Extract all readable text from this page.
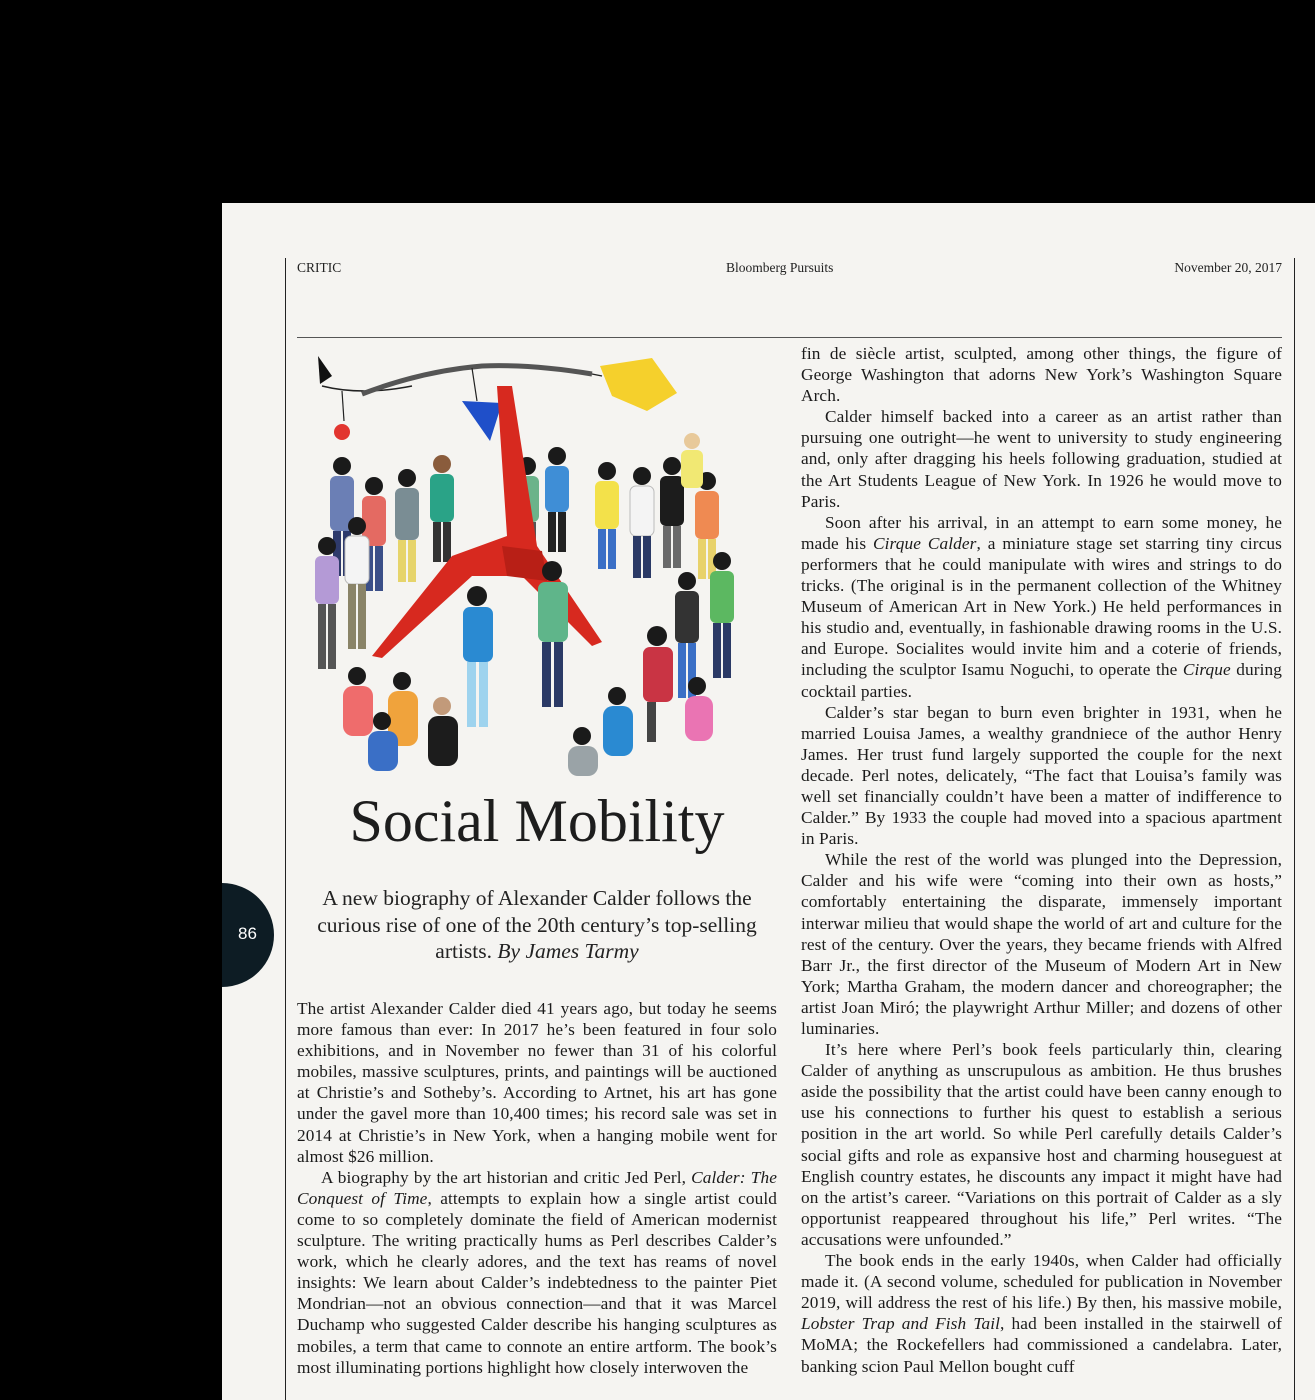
CRITIC	Bloomberg Pursuits	November 20, 2017
86
Social Mobility

A new biography of Alexander Calder follows the curious rise of one of the 20th century’s top-selling artists. By James Tarmy

The artist Alexander Calder died 41 years ago, but today he seems more famous than ever: In 2017 he’s been featured in four solo exhibitions, and in November no fewer than 31 of his colorful mobiles, massive sculptures, prints, and paintings will be auctioned at Christie’s and Sotheby’s. According to Artnet, his art has gone under the gavel more than 10,400 times; his record sale was set in 2014 at Christie’s in New York, when a hanging mobile went for almost $26 million.

A biography by the art historian and critic Jed Perl, Calder: The Conquest of Time, attempts to explain how a single artist could come to so completely dominate the field of American modernist sculpture. The writing practically hums as Perl describes Calder’s work, which he clearly adores, and the text has reams of novel insights: We learn about Calder’s indebtedness to the painter Piet Mondrian—not an obvious connection—and that it was Marcel Duchamp who suggested Calder describe his hanging sculptures as mobiles, a term that came to connote an entire artform. The book’s most illuminating portions highlight how closely interwoven the

fin de siècle artist, sculpted, among other things, the figure of George Washington that adorns New York’s Washington Square Arch.

Calder himself backed into a career as an artist rather than pursuing one outright—he went to university to study engineering and, only after dragging his heels following graduation, studied at the Art Students League of New York. In 1926 he would move to Paris.

Soon after his arrival, in an attempt to earn some money, he made his Cirque Calder, a miniature stage set starring tiny circus performers that he could manipulate with wires and strings to do tricks. (The original is in the permanent collection of the Whitney Museum of American Art in New York.) He held performances in his studio and, eventually, in fashionable drawing rooms in the U.S. and Europe. Socialites would invite him and a coterie of friends, including the sculptor Isamu Noguchi, to operate the Cirque during cocktail parties.

Calder’s star began to burn even brighter in 1931, when he married Louisa James, a wealthy grandniece of the author Henry James. Her trust fund largely supported the couple for the next decade. Perl notes, delicately, “The fact that Louisa’s family was well set financially couldn’t have been a matter of indifference to Calder.” By 1933 the couple had moved into a spacious apartment in Paris.

While the rest of the world was plunged into the Depression, Calder and his wife were “coming into their own as hosts,” comfortably entertaining the disparate, immensely important interwar milieu that would shape the world of art and culture for the rest of the century. Over the years, they became friends with Alfred Barr Jr., the first director of the Museum of Modern Art in New York; Martha Graham, the modern dancer and choreographer; the artist Joan Miró; the playwright Arthur Miller; and dozens of other luminaries.

It’s here where Perl’s book feels particularly thin, clearing Calder of anything as unscrupulous as ambition. He thus brushes aside the possibility that the artist could have been canny enough to use his connections to further his quest to establish a serious position in the art world. So while Perl carefully details Calder’s social gifts and role as expansive host and charming houseguest at English country estates, he discounts any impact it might have had on the artist’s career. “Variations on this portrait of Calder as a sly opportunist reappeared throughout his life,” Perl writes. “The accusations were unfounded.”

The book ends in the early 1940s, when Calder had officially made it. (A second volume, scheduled for publication in November 2019, will address the rest of his life.) By then, his massive mobile, Lobster Trap and Fish Tail, had been installed in the stairwell of MoMA; the Rockefellers had commissioned a candelabra. Later, banking scion Paul Mellon bought cuff
